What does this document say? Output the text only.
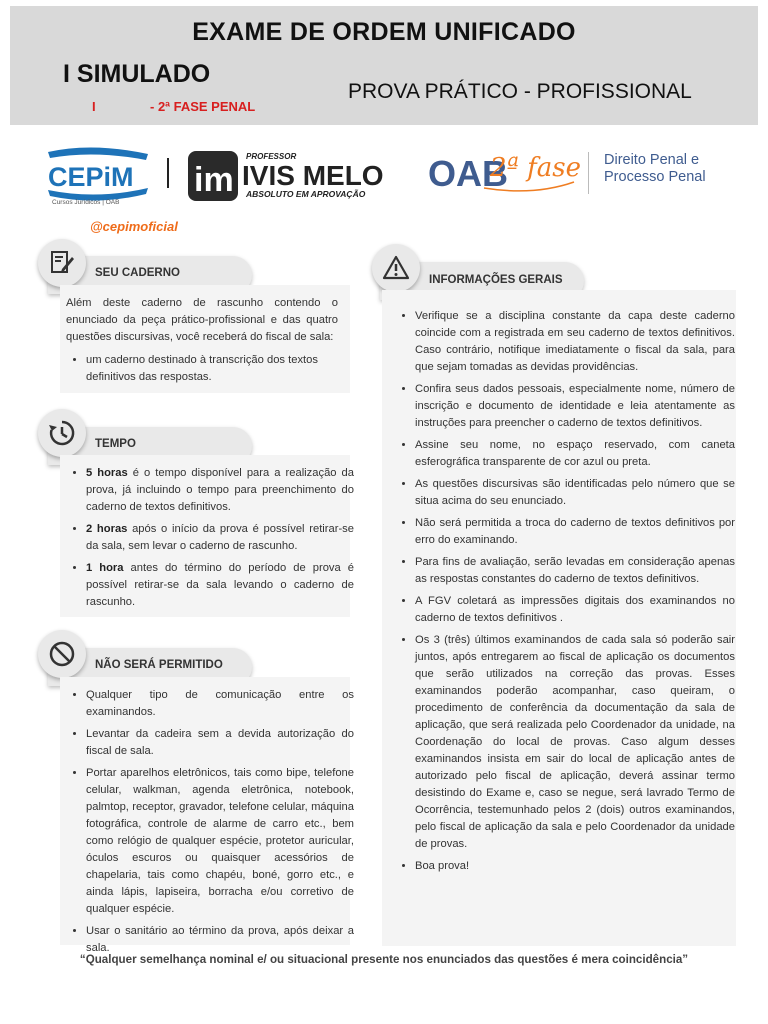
EXAME DE ORDEM UNIFICADO
I SIMULADO
PROVA PRÁTICO - PROFISSIONAL
I	- 2ª FASE PENAL
CEPiM
Cursos Jurídicos | OAB
im
PROFESSOR
IVIS MELO
ABSOLUTO EM APROVAÇÃO OAB
2ª fase Direito Penal e
Processo Penal
@cepimoficial
SEU CADERNO
Além deste caderno de rascunho contendo o enunciado da peça prático-profissional e das quatro questões discursivas, você receberá do fiscal de sala:
• um caderno destinado à transcrição dos textos definitivos das respostas.
TEMPO
• 5 horas é o tempo disponível para a realização da prova, já incluindo o tempo para preenchimento do caderno de textos definitivos.
• 2 horas após o início da prova é possível retirar-se da sala, sem levar o caderno de rascunho.
• 1 hora antes do término do período de prova é possível retirar-se da sala levando o caderno de rascunho.
NÃO SERÁ PERMITIDO
• Qualquer tipo de comunicação entre os examinandos.
• Levantar da cadeira sem a devida autorização do fiscal de sala.
• Portar aparelhos eletrônicos, tais como bipe, telefone celular, walkman, agenda eletrônica, notebook, palmtop, receptor, gravador, telefone celular, máquina fotográfica, controle de alarme de carro etc., bem como relógio de qualquer espécie, protetor auricular, óculos escuros ou quaisquer acessórios de chapelaria, tais como chapéu, boné, gorro etc., e ainda lápis, lapiseira, borracha e/ou corretivo de qualquer espécie.
• Usar o sanitário ao término da prova, após deixar a sala.
INFORMAÇÕES GERAIS
• Verifique se a disciplina constante da capa deste caderno coincide com a registrada em seu caderno de textos definitivos. Caso contrário, notifique imediatamente o fiscal da sala, para que sejam tomadas as devidas providências.
• Confira seus dados pessoais, especialmente nome, número de inscrição e documento de identidade e leia atentamente as instruções para preencher o caderno de textos definitivos.
• Assine seu nome, no espaço reservado, com caneta esferográfica transparente de cor azul ou preta.
• As questões discursivas são identificadas pelo número que se situa acima do seu enunciado.
• Não será permitida a troca do caderno de textos definitivos por erro do examinando.
• Para fins de avaliação, serão levadas em consideração apenas as respostas constantes do caderno de textos definitivos.
• A FGV coletará as impressões digitais dos examinandos no caderno de textos definitivos .
• Os 3 (três) últimos examinandos de cada sala só poderão sair juntos, após entregarem ao fiscal de aplicação os documentos que serão utilizados na correção das provas. Esses examinandos poderão acompanhar, caso queiram, o procedimento de conferência da documentação da sala de aplicação, que será realizada pelo Coordenador da unidade, na Coordenação do local de provas. Caso algum desses examinandos insista em sair do local de aplicação antes de autorizado pelo fiscal de aplicação, deverá assinar termo desistindo do Exame e, caso se negue, será lavrado Termo de Ocorrência, testemunhado pelos 2 (dois) outros examinandos, pelo fiscal de aplicação da sala e pelo Coordenador da unidade de provas.
• Boa prova!
“Qualquer semelhança nominal e/ ou situacional presente nos enunciados das questões é mera coincidência”
